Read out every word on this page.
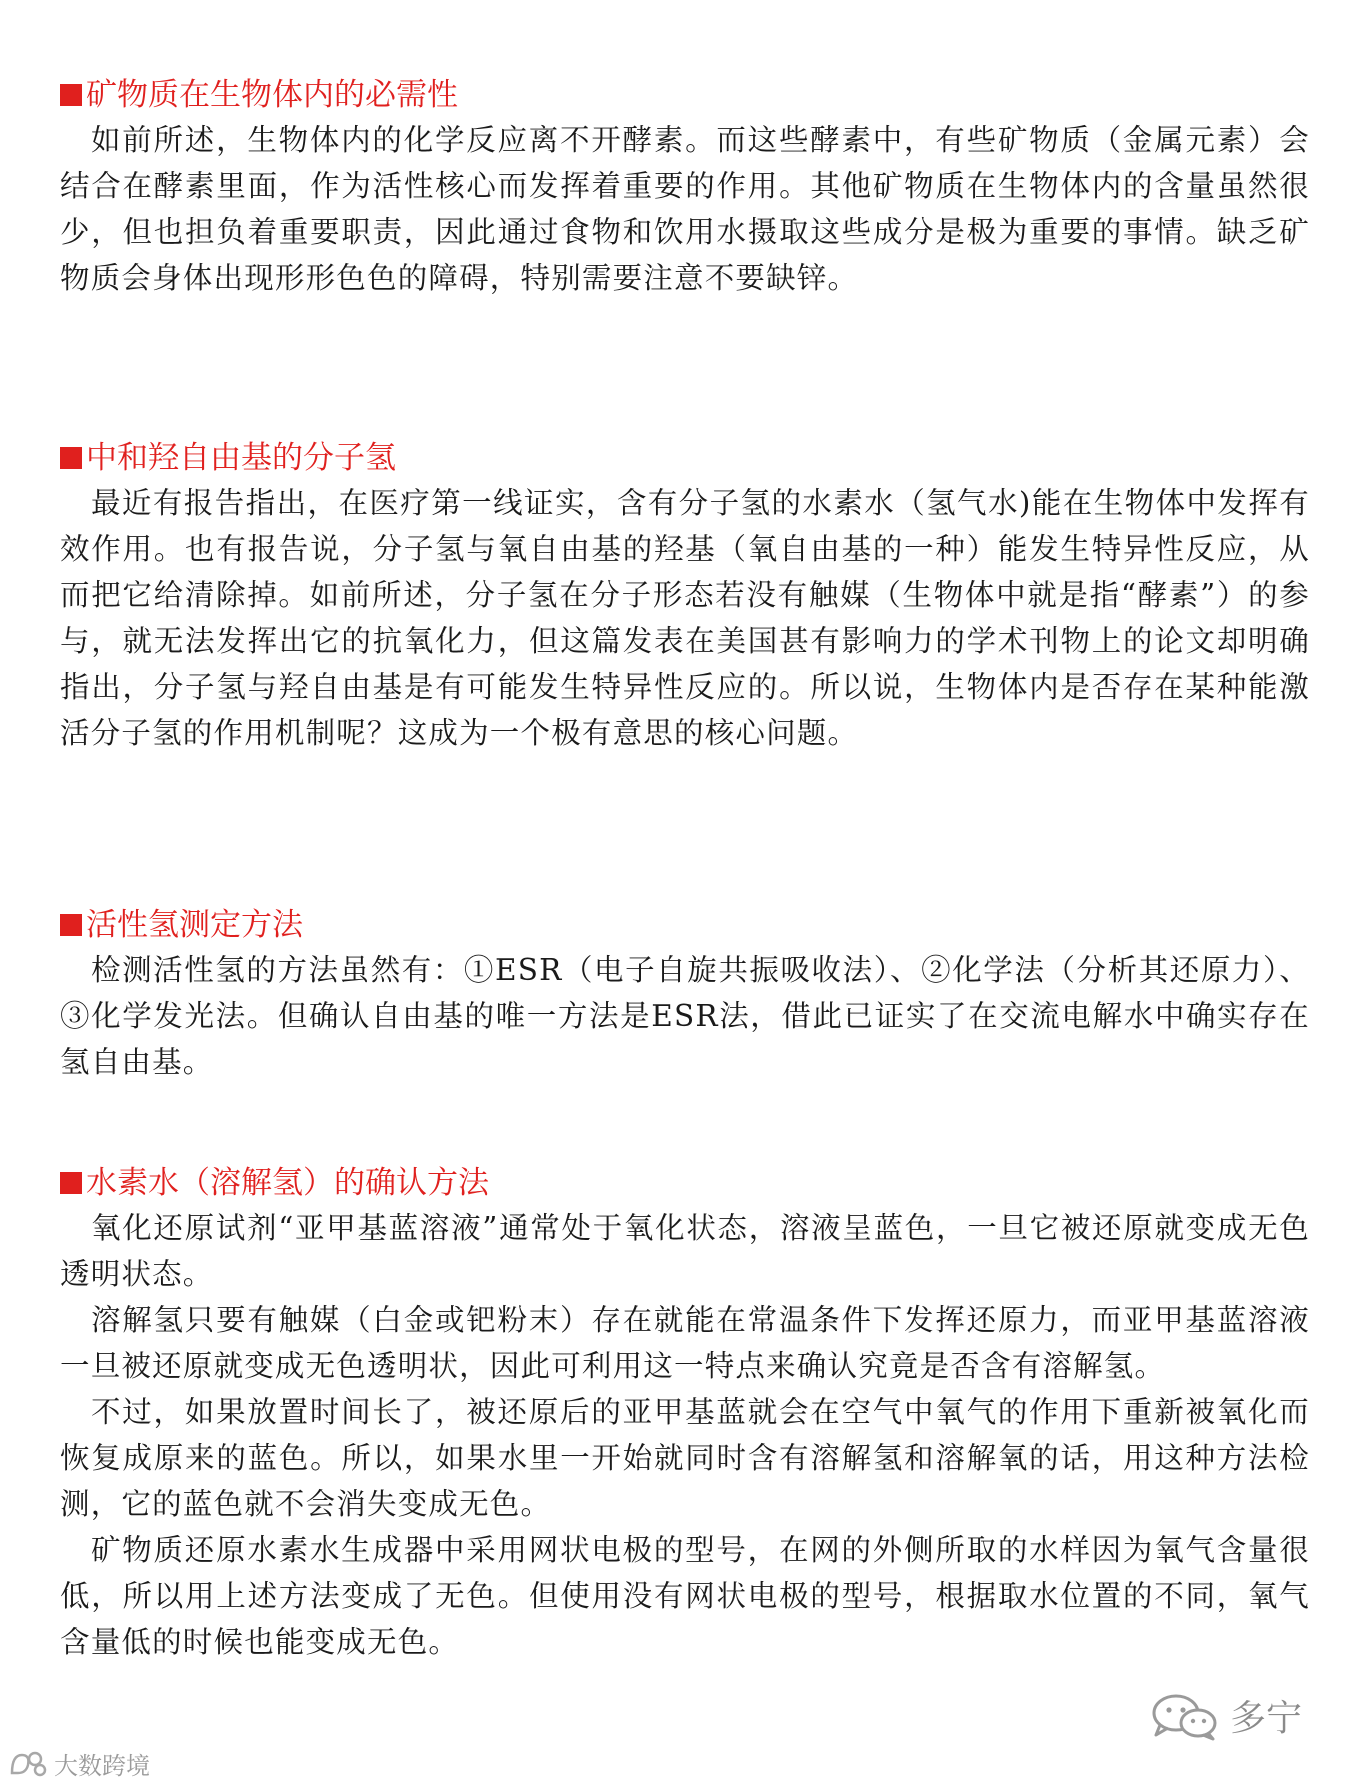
矿物质在生物体内的必需性

如前所述，生物体内的化学反应离不开酵素。而这些酵素中，有些矿物质（金属元素）会结合在酵素里面，作为活性核心而发挥着重要的作用。其他矿物质在生物体内的含量虽然很少，但也担负着重要职责，因此通过食物和饮用水摄取这些成分是极为重要的事情。缺乏矿物质会身体出现形形色色的障碍，特别需要注意不要缺锌。

中和羟自由基的分子氢

最近有报告指出，在医疗第一线证实，含有分子氢的水素水（氢气水)能在生物体中发挥有效作用。也有报告说，分子氢与氧自由基的羟基（氧自由基的一种）能发生特异性反应，从而把它给清除掉。如前所述，分子氢在分子形态若没有触媒（生物体中就是指“酵素”）的参与，就无法发挥出它的抗氧化力，但这篇发表在美国甚有影响力的学术刊物上的论文却明确指出，分子氢与羟自由基是有可能发生特异性反应的。所以说，生物体内是否存在某种能激活分子氢的作用机制呢？这成为一个极有意思的核心问题。

活性氢测定方法

检测活性氢的方法虽然有：①ESR（电子自旋共振吸收法）、②化学法（分析其还原力）、③化学发光法。但确认自由基的唯一方法是ESR法，借此已证实了在交流电解水中确实存在氢自由基。

水素水（溶解氢）的确认方法

氧化还原试剂“亚甲基蓝溶液”通常处于氧化状态，溶液呈蓝色，一旦它被还原就变成无色透明状态。

溶解氢只要有触媒（白金或钯粉末）存在就能在常温条件下发挥还原力，而亚甲基蓝溶液一旦被还原就变成无色透明状，因此可利用这一特点来确认究竟是否含有溶解氢。

不过，如果放置时间长了，被还原后的亚甲基蓝就会在空气中氧气的作用下重新被氧化而恢复成原来的蓝色。所以，如果水里一开始就同时含有溶解氢和溶解氧的话，用这种方法检测，它的蓝色就不会消失变成无色。

矿物质还原水素水生成器中采用网状电极的型号，在网的外侧所取的水样因为氧气含量很低，所以用上述方法变成了无色。但使用没有网状电极的型号，根据取水位置的不同，氧气含量低的时候也能变成无色。

多宁
大数跨境
